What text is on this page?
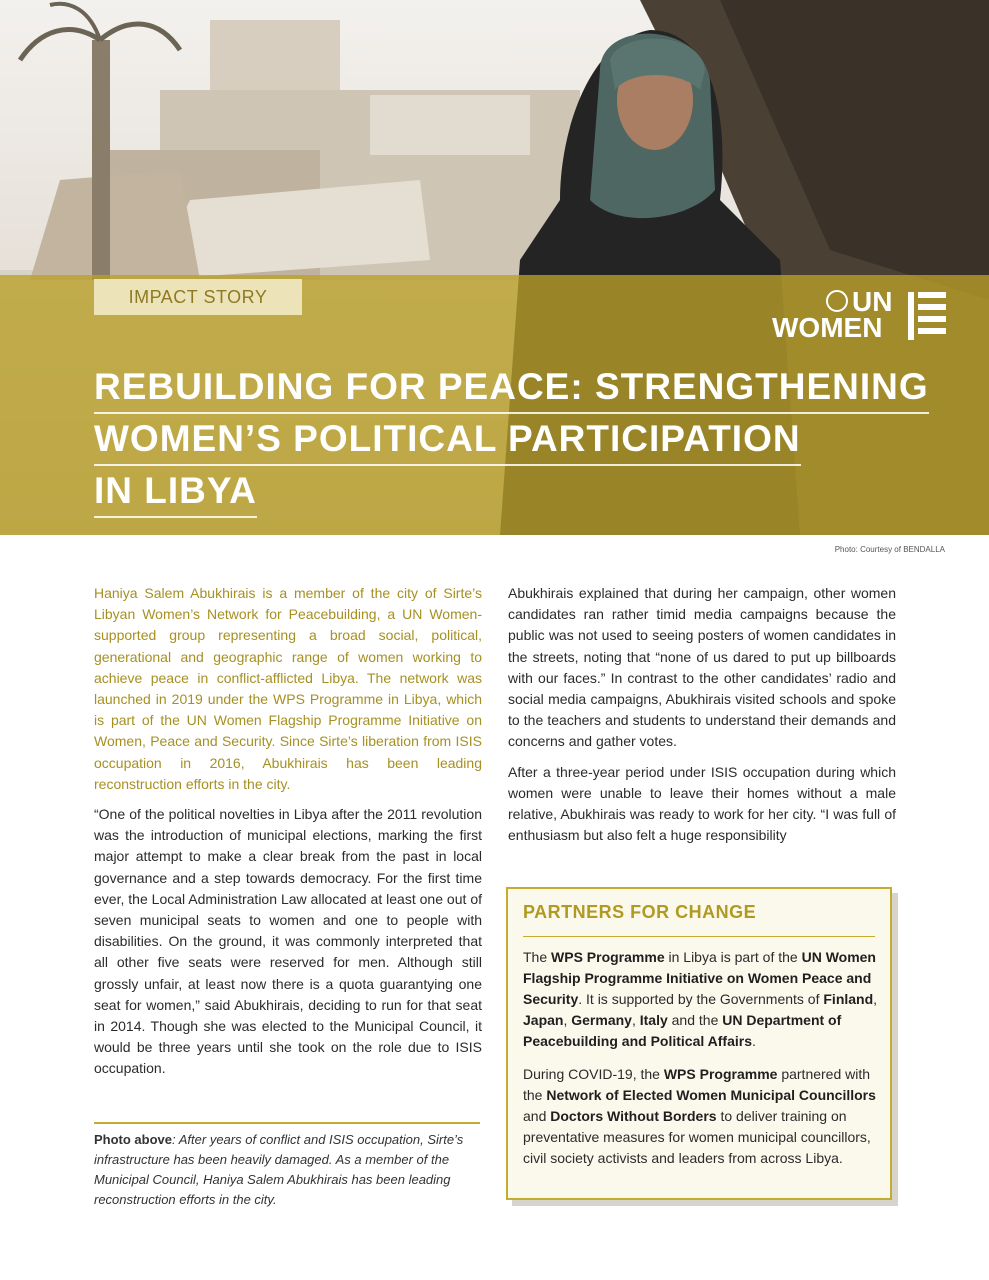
IMPACT STORY	UN
WOMEN
REBUILDING FOR PEACE: STRENGTHENING
WOMEN’S POLITICAL PARTICIPATION
IN LIBYA
Photo: Courtesy of BENDALLA

Haniya Salem Abukhirais is a member of the city of Sirte’s Libyan Women’s Network for Peacebuilding, a UN Women-supported group representing a broad social, political, generational and geographic range of women working to achieve peace in conflict-afflicted Libya. The network was launched in 2019 under the WPS Programme in Libya, which is part of the UN Women Flagship Programme Initiative on Women, Peace and Security. Since Sirte’s liberation from ISIS occupation in 2016, Abukhirais has been leading reconstruction efforts in the city.

“One of the political novelties in Libya after the 2011 revolution was the introduction of municipal elections, marking the first major attempt to make a clear break from the past in local governance and a step towards democracy. For the first time ever, the Local Administration Law allocated at least one out of seven municipal seats to women and one to people with disabilities. On the ground, it was commonly interpreted that all other five seats were reserved for men. Although still grossly unfair, at least now there is a quota guarantying one seat for women,” said Abukhirais, deciding to run for that seat in 2014. Though she was elected to the Municipal Council, it would be three years until she took on the role due to ISIS occupation.

Photo above: After years of conflict and ISIS occupation, Sirte’s infrastructure has been heavily damaged. As a member of the Municipal Council, Haniya Salem Abukhirais has been leading reconstruction efforts in the city.

Abukhirais explained that during her campaign, other women candidates ran rather timid media campaigns because the public was not used to seeing posters of women candidates in the streets, noting that “none of us dared to put up billboards with our faces.” In contrast to the other candidates’ radio and social media campaigns, Abukhirais visited schools and spoke to the teachers and students to understand their demands and concerns and gather votes.

After a three-year period under ISIS occupation during which women were unable to leave their homes without a male relative, Abukhirais was ready to work for her city. “I was full of enthusiasm but also felt a huge responsibility

PARTNERS FOR CHANGE
The WPS Programme in Libya is part of the UN Women Flagship Programme Initiative on Women Peace and Security. It is supported by the Governments of Finland, Japan, Germany, Italy and the UN Department of Peacebuilding and Political Affairs.
During COVID-19, the WPS Programme partnered with the Network of Elected Women Municipal Councillors and Doctors Without Borders to deliver training on preventative measures for women municipal councillors, civil society activists and leaders from across Libya.
